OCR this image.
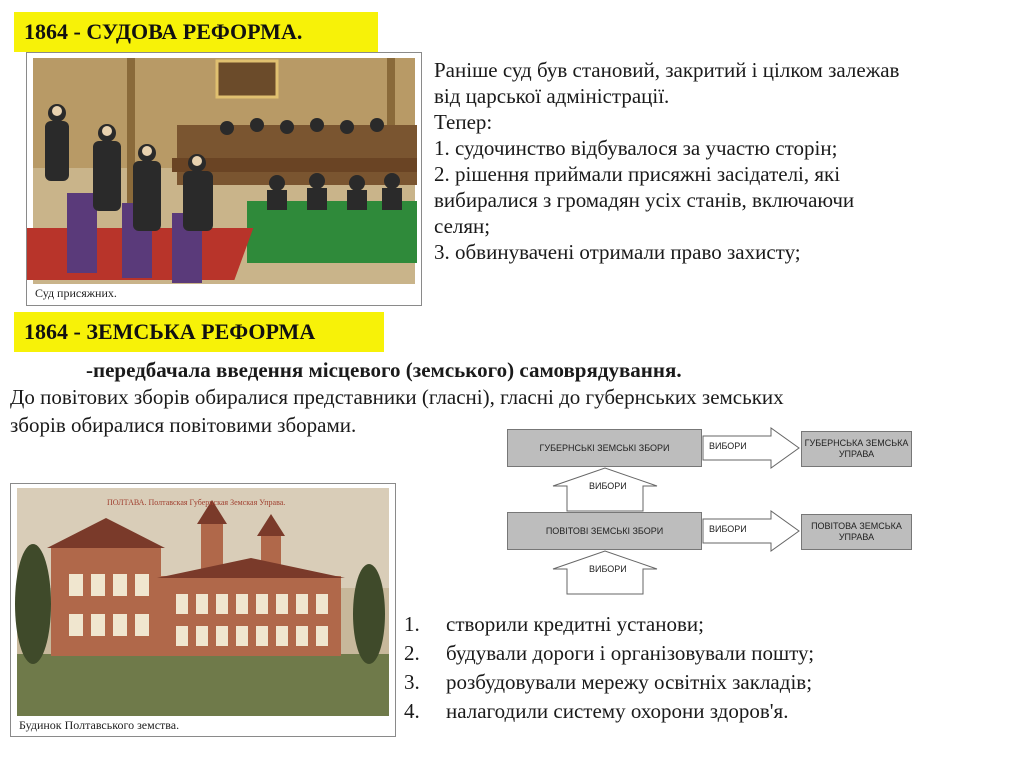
1864 - СУДОВА РЕФОРМА.
Суд присяжних.

Раніше суд був становий, закритий і цілком залежав

від царської адміністрації.

Тепер:

1. судочинство відбувалося за участю сторін;

2. рішення приймали присяжні засідателі, які

вибиралися з громадян усіх станів, включаючи

селян;

3. обвинувачені отримали право захисту;

1864 - ЗЕМСЬКА РЕФОРМА
-передбачала введення місцевого (земського) самоврядування.
До повітових зборів обиралися представники (гласні), гласні до губернських земських
зборів обиралися повітовими зборами.
ГУБЕРНСЬКІ ЗЕМСЬКІ ЗБОРИ
ПОВІТОВІ ЗЕМСЬКІ ЗБОРИ
ГУБЕРНСЬКА ЗЕМСЬКА УПРАВА
ПОВІТОВА ЗЕМСЬКА УПРАВА
ВИБОРИ
ВИБОРИ
ВИБОРИ
ВИБОРИ
ПОЛТАВА. Полтавская Губернская Земская Управа.
Будинок Полтавського земства.
1.	створили кредитні установи;
2.	будували дороги і організовували пошту;
3.	розбудовували мережу освітніх закладів;
4.	налагодили систему охорони здоров'я.
